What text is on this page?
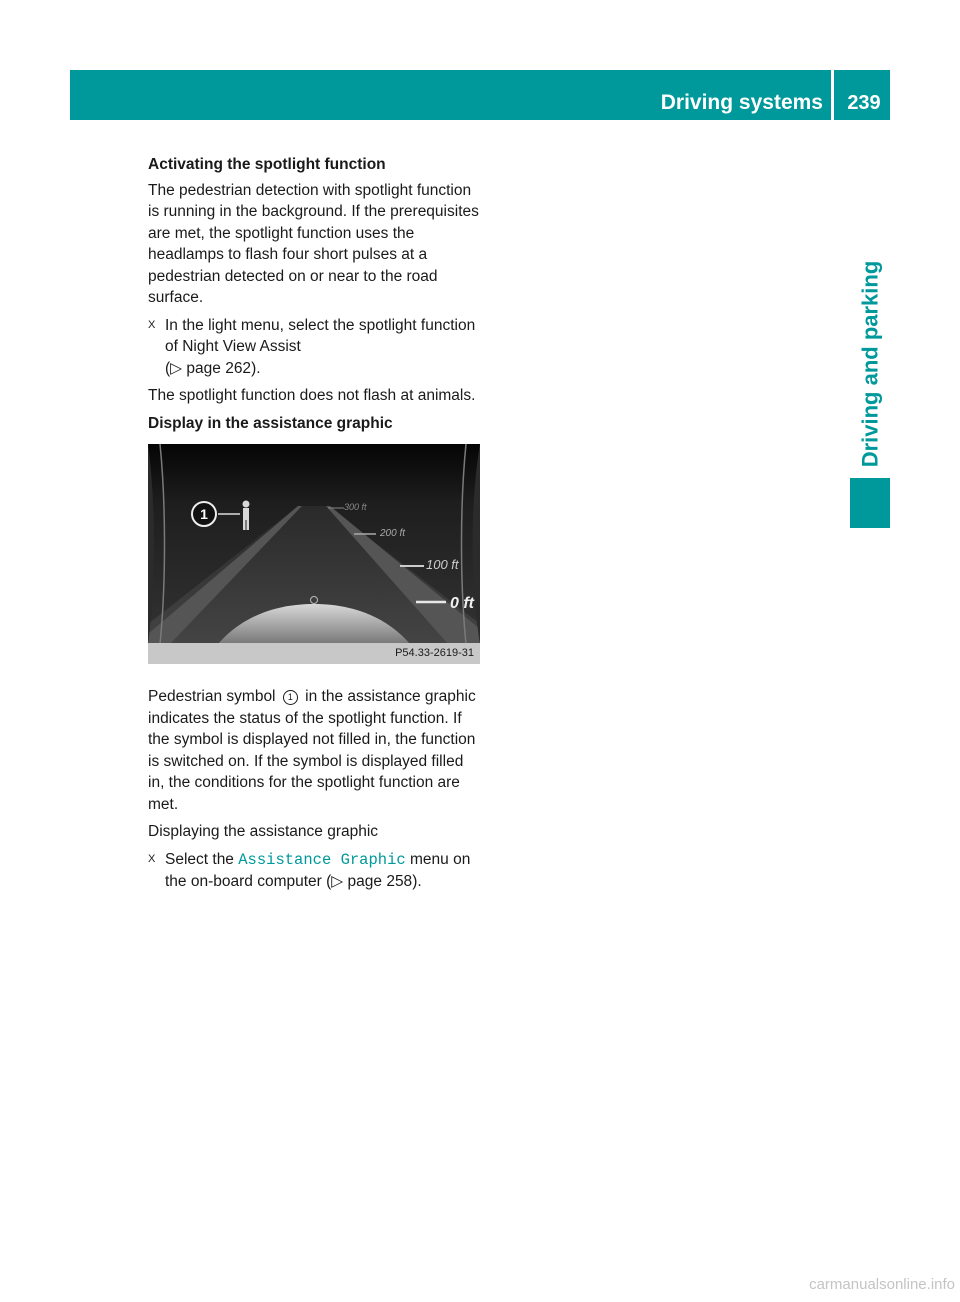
Driving systems	239
Driving and parking
Activating the spotlight function

The pedestrian detection with spotlight function is running in the background. If the prerequisites are met, the spotlight function uses the headlamps to flash four short pulses at a pedestrian detected on or near to the road surface.

X In the light menu, select the spotlight function of Night View Assist
(▷ page 262).

The spotlight function does not flash at animals.

Display in the assistance graphic
1	300 ft
200 ft
100 ft
0 ft
P54.33-2619-31

Pedestrian symbol 1 in the assistance graphic indicates the status of the spotlight function. If the symbol is displayed not filled in, the function is switched on. If the symbol is displayed filled in, the conditions for the spotlight function are met.

Displaying the assistance graphic

X Select the Assistance Graphic menu on the on-board computer (▷ page 258).
carmanualsonline.info
